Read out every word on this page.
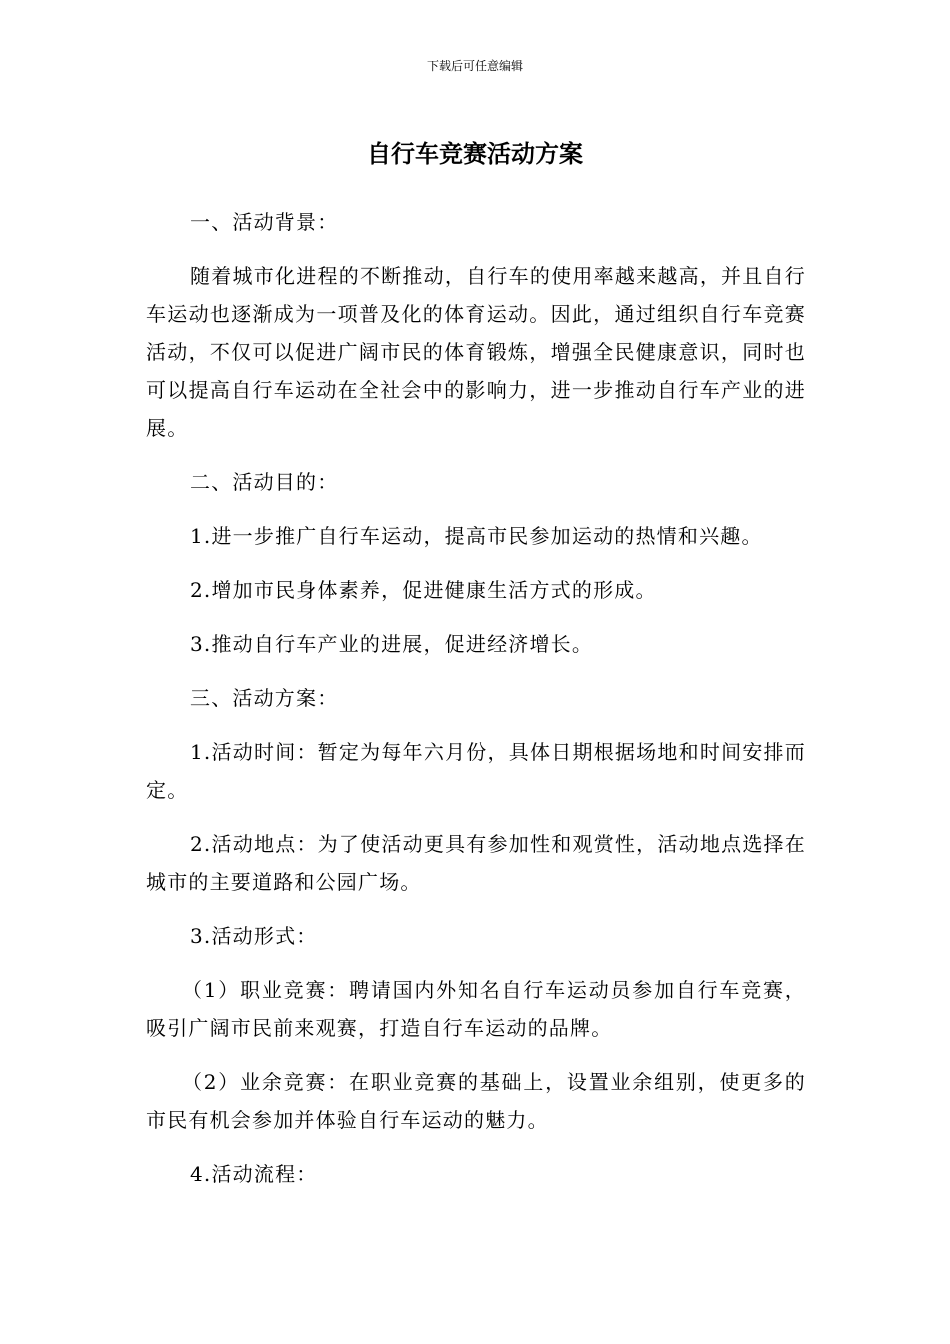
下载后可任意编辑
自行车竞赛活动方案

一、活动背景：

随着城市化进程的不断推动，自行车的使用率越来越高，并且自行车运动也逐渐成为一项普及化的体育运动。因此，通过组织自行车竞赛活动，不仅可以促进广阔市民的体育锻炼，增强全民健康意识，同时也可以提高自行车运动在全社会中的影响力，进一步推动自行车产业的进展。

二、活动目的：

1.进一步推广自行车运动，提高市民参加运动的热情和兴趣。

2.增加市民身体素养，促进健康生活方式的形成。

3.推动自行车产业的进展，促进经济增长。

三、活动方案：

1.活动时间：暂定为每年六月份，具体日期根据场地和时间安排而定。

2.活动地点：为了使活动更具有参加性和观赏性，活动地点选择在城市的主要道路和公园广场。

3.活动形式：

（1）职业竞赛：聘请国内外知名自行车运动员参加自行车竞赛，吸引广阔市民前来观赛，打造自行车运动的品牌。

（2）业余竞赛：在职业竞赛的基础上，设置业余组别，使更多的市民有机会参加并体验自行车运动的魅力。

4.活动流程：
